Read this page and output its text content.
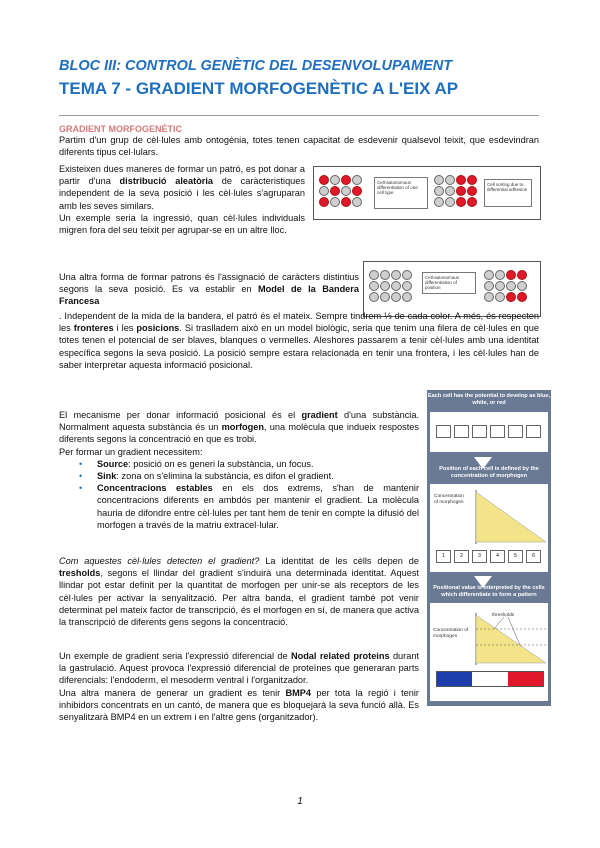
BLOC III: CONTROL GENÈTIC DEL DESENVOLUPAMENT
TEMA 7 - GRADIENT MORFOGENÈTIC A L'EIX AP
GRADIENT MORFOGENÈTIC
Partim d'un grup de cèl·lules amb ontogènia, totes tenen capacitat de esdevenir qualsevol teixit, que esdevindran diferents tipus cel·lulars.

Existeixen dues maneres de formar un patró, es pot donar a partir d'una distribució aleatòria de caràcteristiques independent de la seva posició i les cèl·lules s'agruparan amb les seves similars.

Un exemple seria la ingressió, quan cèl·lules individuals migren fora del seu teixit per agrupar-se en un altre lloc.

Cell-autonomous differentiation of one cell type
Cell sorting due to differential adhesion
Cell-autonomous differentiation of position
Una altra forma de formar patrons és l'assignació de caràcters distintius segons la seva posició. Es va establir en Model de la Bandera Francesa
. Independent de la mida de la bandera, el patró és el mateix. Sempre tindrem ⅓ de cada color. A més, és respecten les fronteres i les posicions. Si traslladem això en un model biològic, seria que tenim una filera de cèl·lules en que totes tenen el potencial de ser blaves, blanques o vermelles. Aleshores passarem a tenir cèl·lules amb una identitat específica segons la seva posició. La posició sempre estara relacionada en tenir una frontera, i les cèl·lules han de saber interpretar aquesta informació posicional.
Each cell has the potential to develop as blue, white, or red
Position of each cell is defined by the concentration of morphogen
Concentration of morphogen
1	2	3	4	5	6
Positional value is interpreted by the cells which differentiate to form a pattern
Concentration of morphogen
thresholds

El mecanisme per donar informació posicional és el gradient d'una substància. Normalment aquesta substància és un morfogen, una molècula que indueix respostes diferents segons la concentració en que es trobi.

Per formar un gradient necessitem:

• Source: posició on es generi la substància, un focus.
• Sink: zona on s'elimina la substància, es difon el gradient.
• Concentracions estables en els dos extrems, s'han de mantenir concentracions diferents en ambdós per mantenir el gradient. La molècula hauria de difondre entre cèl·lules per tant hem de tenir en compte la difusió del morfogen a través de la matriu extracel·lular.
Com aquestes cèl·lules detecten el gradient? La identitat de les cèlls depen de tresholds, segons el llindar del gradient s'induirà una determinada identitat. Aquest llindar pot estar definit per la quantitat de morfogen per unir-se als receptors de les cèl·lules per activar la senyalització. Per altra banda, el gradient també pot venir determinat pel mateix factor de transcripció, és el morfogen en sí, de manera que activa la transcripció de diferents gens segons la concentració.

Un exemple de gradient seria l'expressió diferencial de Nodal related proteins durant la gastrulació. Aquest provoca l'expressió diferencial de proteïnes que generaran parts diferencials: l'endoderm, el mesoderm ventral i l'organitzador.

Una altra manera de generar un gradient es tenir BMP4 per tota la regió i tenir inhibidors concentrats en un cantó, de manera que es bloquejarà la seva funció allà. Es senyalitzarà BMP4 en un extrem i en l'altre gens (organitzador).

1
